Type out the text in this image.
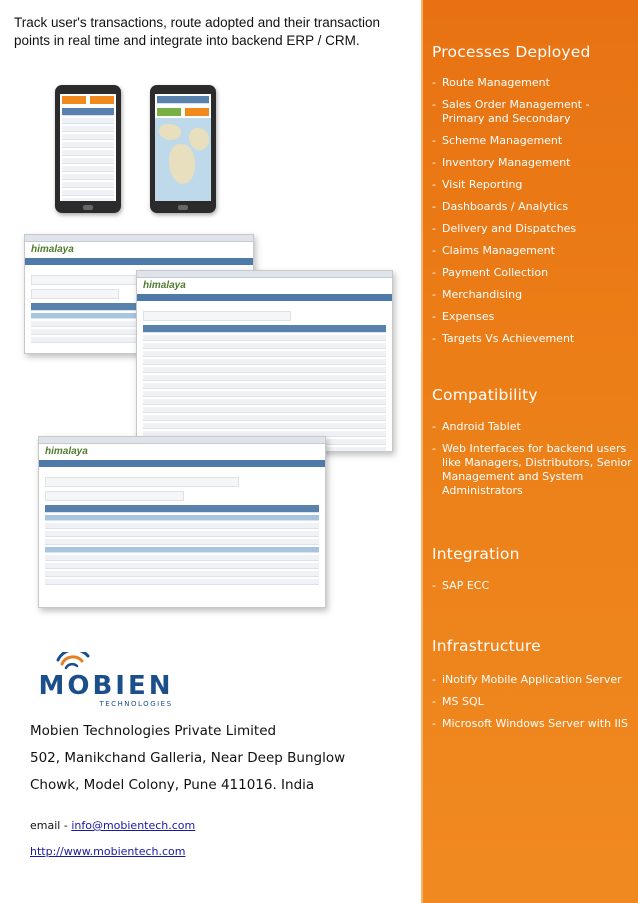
Track user's transactions, route adopted and their transaction points in real time and integrate into backend ERP / CRM.
himalaya
himalaya
himalaya
MOBIEN
TECHNOLOGIES
Mobien Technologies Private Limited
502, Manikchand Galleria, Near Deep Bunglow
Chowk, Model Colony, Pune 411016. India
email - info@mobientech.com
http://www.mobientech.com
Processes Deployed
- Route Management
- Sales Order Management - Primary and Secondary
- Scheme Management
- Inventory Management
- Visit Reporting
- Dashboards / Analytics
- Delivery and Dispatches
- Claims Management
- Payment Collection
- Merchandising
- Expenses
- Targets Vs Achievement
Compatibility
- Android Tablet
- Web Interfaces for backend users like Managers, Distributors, Senior Management and System Administrators
Integration
- SAP ECC
Infrastructure
- iNotify Mobile Application Server
- MS SQL
- Microsoft Windows Server with IIS
